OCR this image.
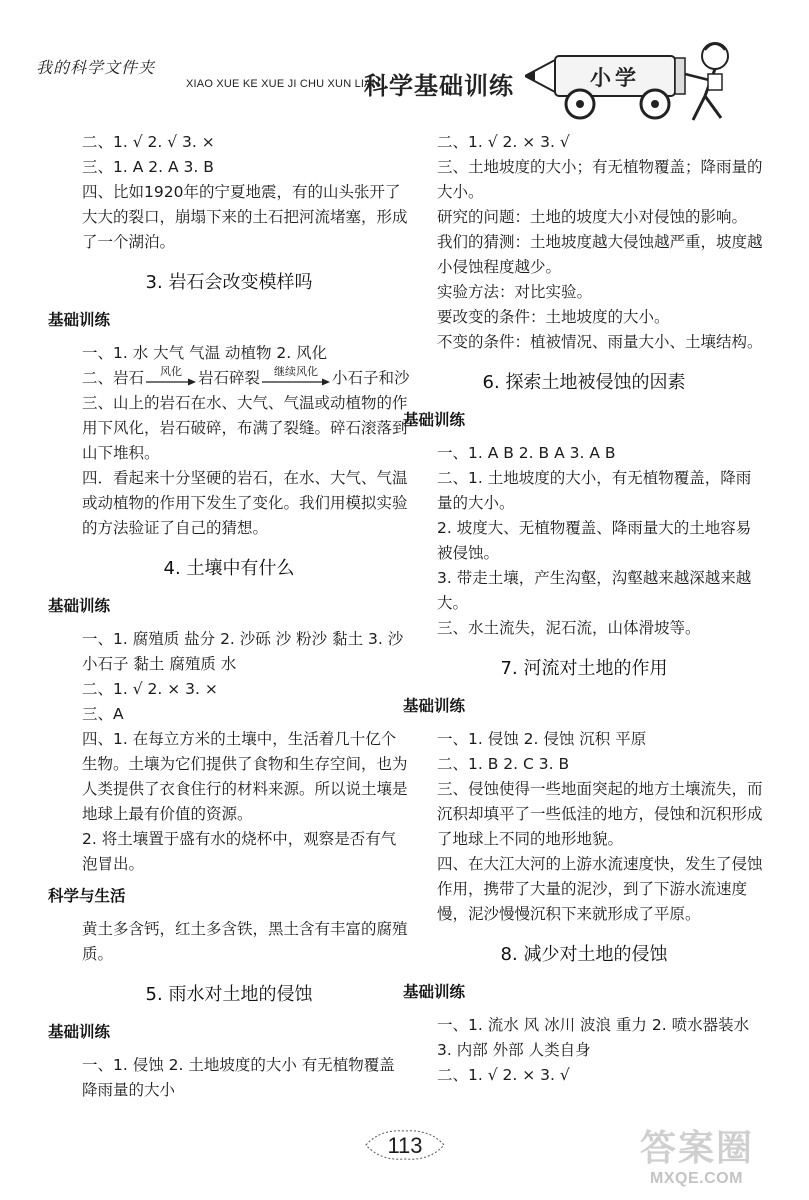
我的科学文件夹
XIAO XUE KE XUE JI CHU XUN LIAN
科学基础训练	小学
二、1. √ 2. √ 3. ×
三、1. A 2. A 3. B
四、比如1920年的宁夏地震，有的山头张开了大大的裂口，崩塌下来的土石把河流堵塞，形成了一个湖泊。
3. 岩石会改变模样吗
基础训练
一、1. 水 大气 气温 动植物 2. 风化
二、岩石	风化	岩石碎裂	继续风化 小石子和沙
三、山上的岩石在水、大气、气温或动植物的作用下风化，岩石破碎，布满了裂缝。碎石滚落到山下堆积。
四．看起来十分坚硬的岩石，在水、大气、气温或动植物的作用下发生了变化。我们用模拟实验的方法验证了自己的猜想。
4. 土壤中有什么
基础训练
一、1. 腐殖质 盐分 2. 沙砾 沙 粉沙 黏土 3. 沙 小石子 黏土 腐殖质 水
二、1. √ 2. × 3. ×
三、A
四、1. 在每立方米的土壤中，生活着几十亿个生物。土壤为它们提供了食物和生存空间，也为人类提供了衣食住行的材料来源。所以说土壤是地球上最有价值的资源。
2. 将土壤置于盛有水的烧杯中，观察是否有气泡冒出。
科学与生活
黄土多含钙，红土多含铁，黑土含有丰富的腐殖质。
5. 雨水对土地的侵蚀
基础训练
一、1. 侵蚀 2. 土地坡度的大小 有无植物覆盖 降雨量的大小
二、1. √ 2. × 3. √
三、土地坡度的大小；有无植物覆盖；降雨量的大小。
研究的问题：土地的坡度大小对侵蚀的影响。
我们的猜测：土地坡度越大侵蚀越严重，坡度越小侵蚀程度越少。
实验方法：对比实验。
要改变的条件：土地坡度的大小。
不变的条件：植被情况、雨量大小、土壤结构。
6. 探索土地被侵蚀的因素
基础训练
一、1. A B 2. B A 3. A B
二、1. 土地坡度的大小，有无植物覆盖，降雨量的大小。
2. 坡度大、无植物覆盖、降雨量大的土地容易被侵蚀。
3. 带走土壤，产生沟壑，沟壑越来越深越来越大。
三、水土流失，泥石流，山体滑坡等。
7. 河流对土地的作用
基础训练
一、1. 侵蚀 2. 侵蚀 沉积 平原
二、1. B 2. C 3. B
三、侵蚀使得一些地面突起的地方土壤流失，而沉积却填平了一些低洼的地方，侵蚀和沉积形成了地球上不同的地形地貌。
四、在大江大河的上游水流速度快，发生了侵蚀作用，携带了大量的泥沙，到了下游水流速度慢，泥沙慢慢沉积下来就形成了平原。
8. 减少对土地的侵蚀
基础训练
一、1. 流水 风 冰川 波浪 重力 2. 喷水器装水 3. 内部 外部 人类自身
二、1. √ 2. × 3. √
113	答案圈
MXQE.COM
